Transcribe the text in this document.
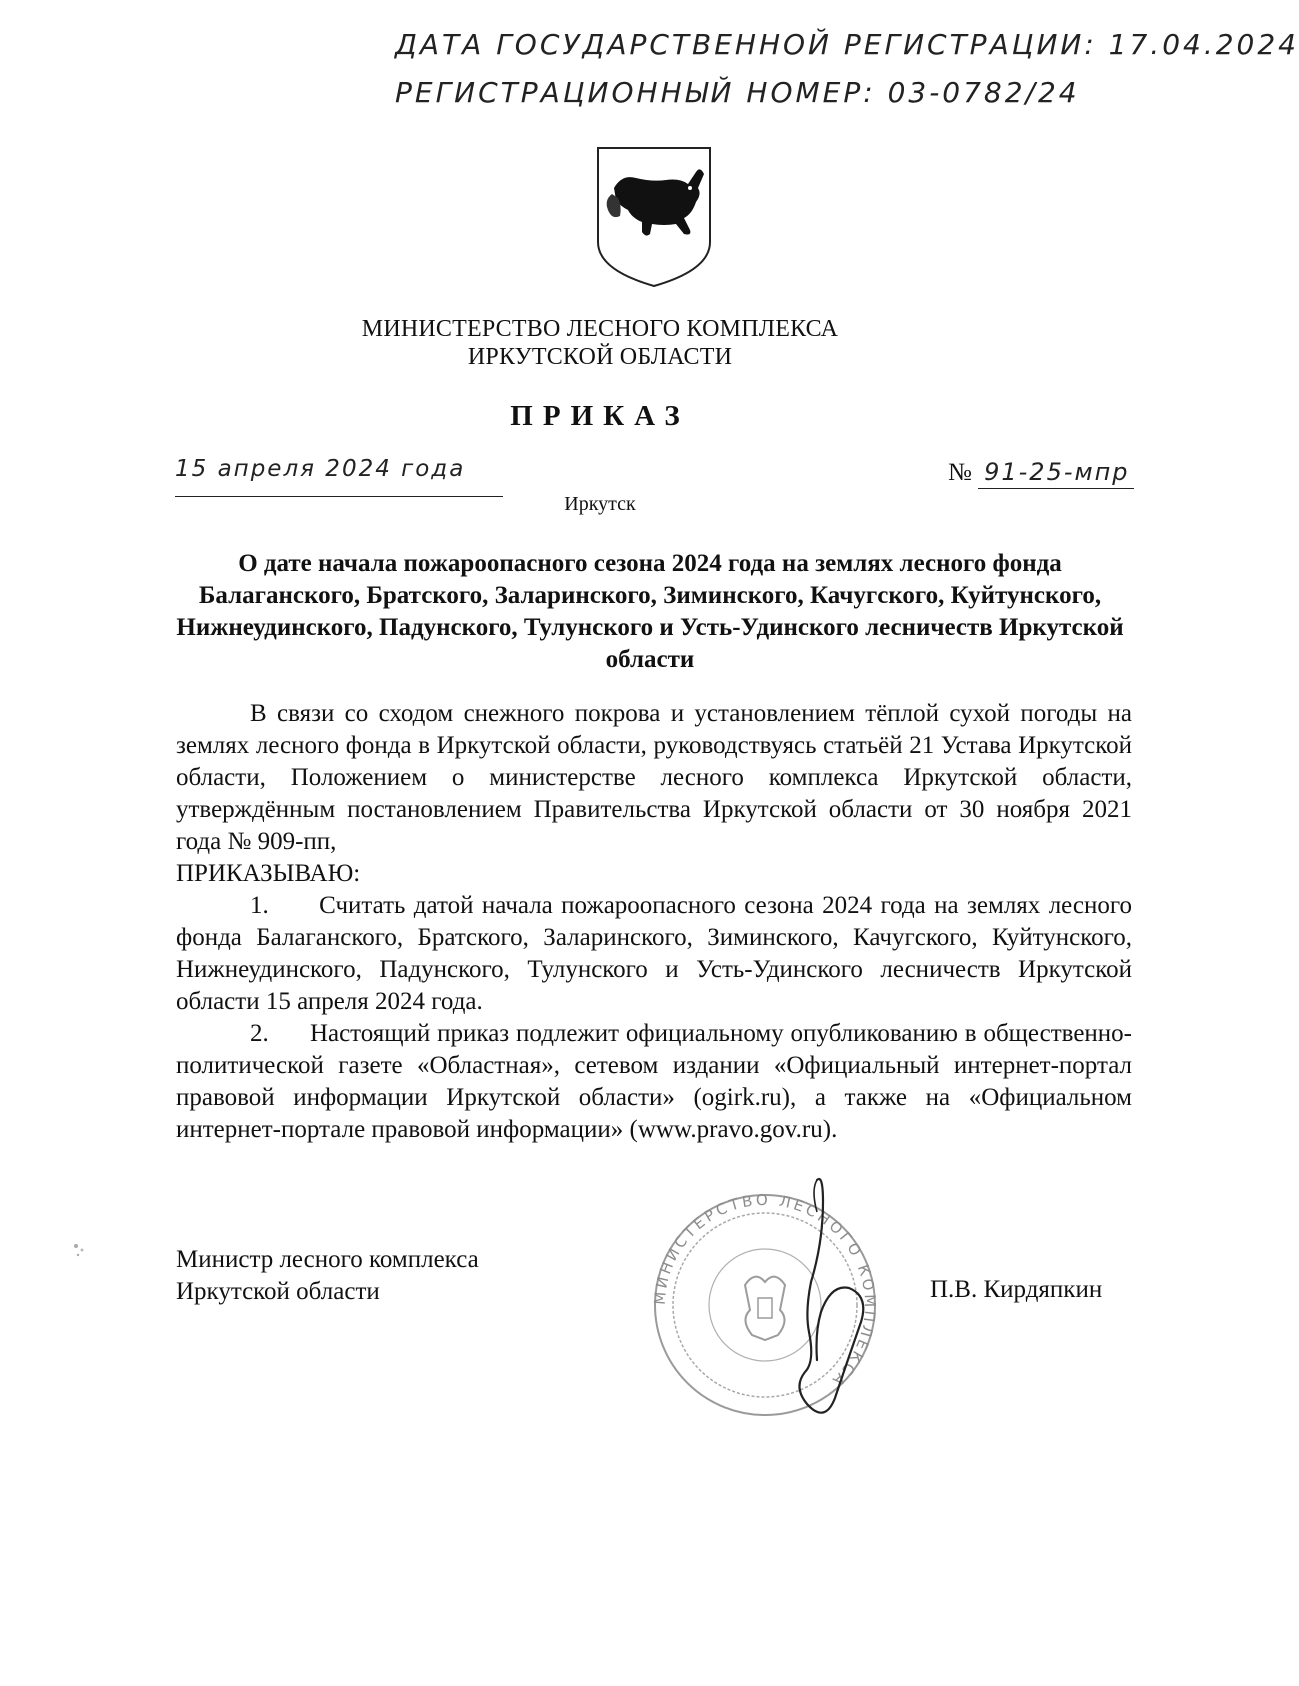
ДАТА ГОСУДАРСТВЕННОЙ РЕГИСТРАЦИИ: 17.04.2024
РЕГИСТРАЦИОННЫЙ НОМЕР: 03-0782/24
МИНИСТЕРСТВО ЛЕСНОГО КОМПЛЕКСА
ИРКУТСКОЙ ОБЛАСТИ
ПРИКАЗ
15 апреля 2024 года	№ 91-25-мпр
Иркутск
О дате начала пожароопасного сезона 2024 года на землях лесного фонда Балаганского, Братского, Заларинского, Зиминского, Качугского, Куйтунского, Нижнеудинского, Падунского, Тулунского и Усть-Удинского лесничеств Иркутской области

В связи со сходом снежного покрова и установлением тёплой сухой погоды на землях лесного фонда в Иркутской области, руководствуясь статьёй 21 Устава Иркутской области, Положением о министерстве лесного комплекса Иркутской области, утверждённым постановлением Правительства Иркутской области от 30 ноября 2021 года № 909-пп,

ПРИКАЗЫВАЮ:

1. Считать датой начала пожароопасного сезона 2024 года на землях лесного фонда Балаганского, Братского, Заларинского, Зиминского, Качугского, Куйтунского, Нижнеудинского, Падунского, Тулунского и Усть-Удинского лесничеств Иркутской области 15 апреля 2024 года.

2. Настоящий приказ подлежит официальному опубликованию в общественно-политической газете «Областная», сетевом издании «Официальный интернет-портал правовой информации Иркутской области» (ogirk.ru), а также на «Официальном интернет-портале правовой информации» (www.pravo.gov.ru).

МИНИСТЕРСТВО ЛЕСНОГО КОМПЛЕКСА
Министр лесного комплекса
Иркутской области	П.В. Кирдяпкин
